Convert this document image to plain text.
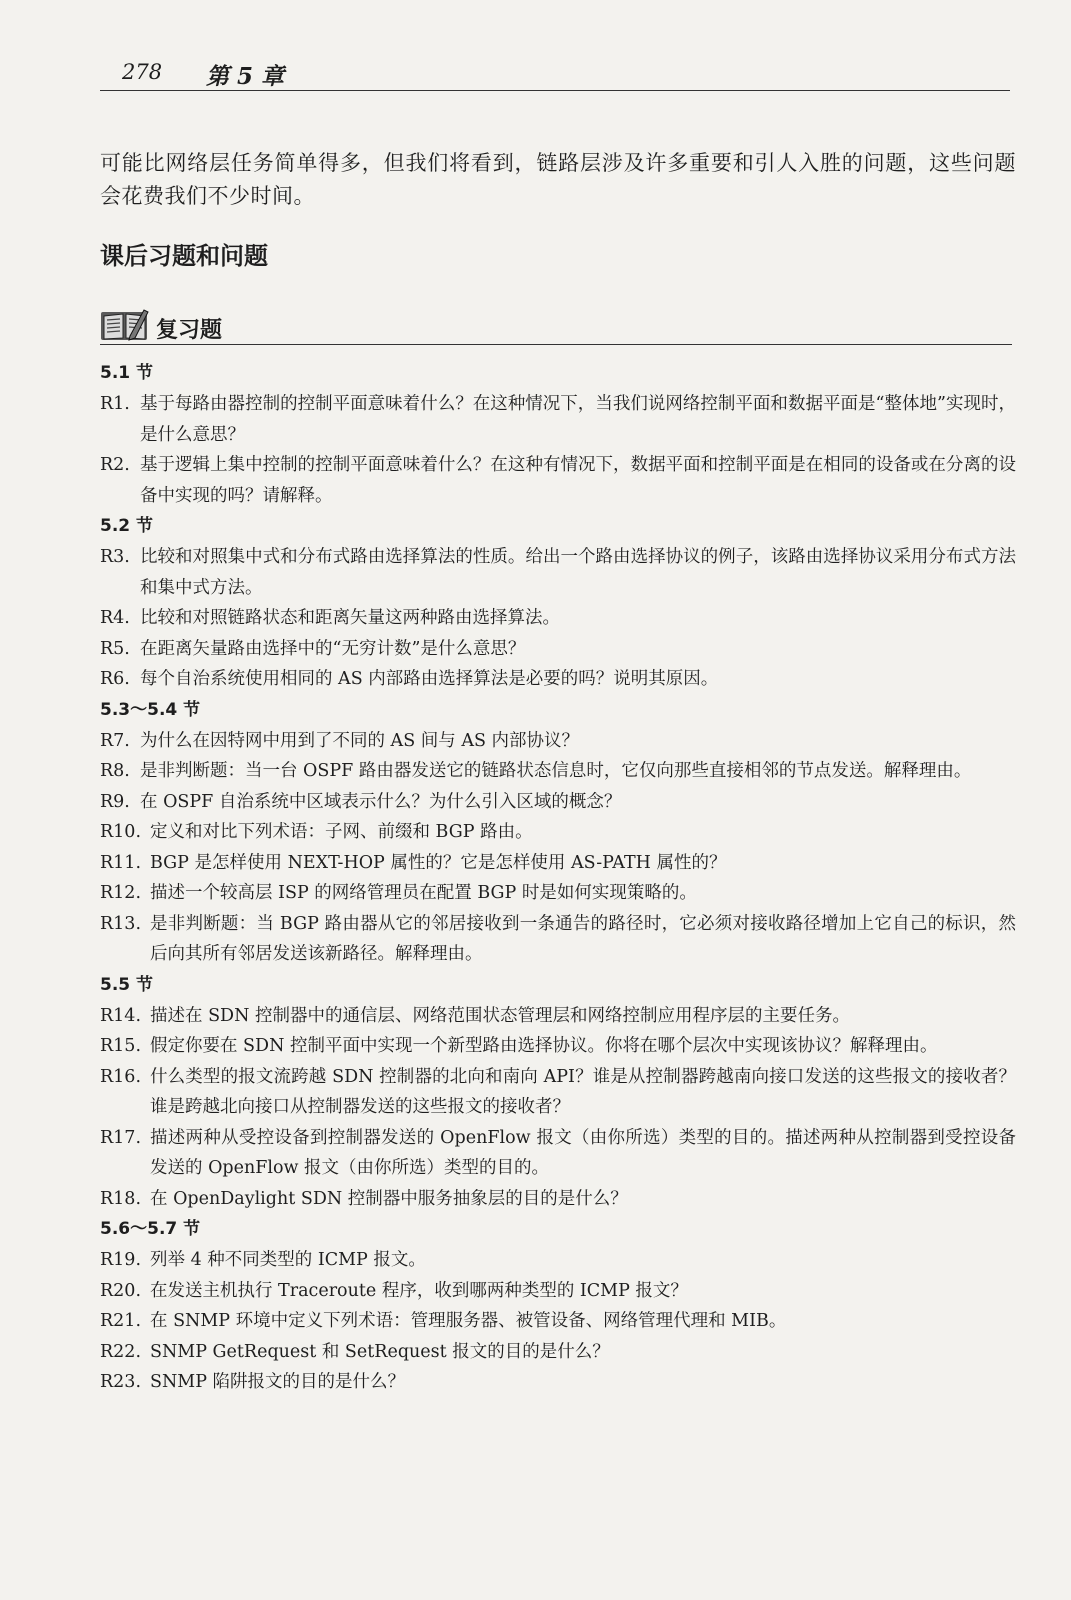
278 第 5 章
可能比网络层任务简单得多，但我们将看到，链路层涉及许多重要和引人入胜的问题，这些问题会花费我们不少时间。
课后习题和问题
复习题
5.1 节
R1. 基于每路由器控制的控制平面意味着什么？在这种情况下，当我们说网络控制平面和数据平面是“整体地”实现时，是什么意思？
R2. 基于逻辑上集中控制的控制平面意味着什么？在这种有情况下，数据平面和控制平面是在相同的设备或在分离的设备中实现的吗？请解释。
5.2 节
R3. 比较和对照集中式和分布式路由选择算法的性质。给出一个路由选择协议的例子，该路由选择协议采用分布式方法和集中式方法。
R4. 比较和对照链路状态和距离矢量这两种路由选择算法。
R5. 在距离矢量路由选择中的“无穷计数”是什么意思？
R6. 每个自治系统使用相同的 AS 内部路由选择算法是必要的吗？说明其原因。
5.3～5.4 节
R7. 为什么在因特网中用到了不同的 AS 间与 AS 内部协议？
R8. 是非判断题：当一台 OSPF 路由器发送它的链路状态信息时，它仅向那些直接相邻的节点发送。解释理由。
R9. 在 OSPF 自治系统中区域表示什么？为什么引入区域的概念？
R10. 定义和对比下列术语：子网、前缀和 BGP 路由。
R11. BGP 是怎样使用 NEXT-HOP 属性的？它是怎样使用 AS-PATH 属性的？
R12. 描述一个较高层 ISP 的网络管理员在配置 BGP 时是如何实现策略的。
R13. 是非判断题：当 BGP 路由器从它的邻居接收到一条通告的路径时，它必须对接收路径增加上它自己的标识，然后向其所有邻居发送该新路径。解释理由。
5.5 节
R14. 描述在 SDN 控制器中的通信层、网络范围状态管理层和网络控制应用程序层的主要任务。
R15. 假定你要在 SDN 控制平面中实现一个新型路由选择协议。你将在哪个层次中实现该协议？解释理由。
R16. 什么类型的报文流跨越 SDN 控制器的北向和南向 API？谁是从控制器跨越南向接口发送的这些报文的接收者？谁是跨越北向接口从控制器发送的这些报文的接收者？
R17. 描述两种从受控设备到控制器发送的 OpenFlow 报文（由你所选）类型的目的。描述两种从控制器到受控设备发送的 OpenFlow 报文（由你所选）类型的目的。
R18. 在 OpenDaylight SDN 控制器中服务抽象层的目的是什么？
5.6～5.7 节
R19. 列举 4 种不同类型的 ICMP 报文。
R20. 在发送主机执行 Traceroute 程序，收到哪两种类型的 ICMP 报文？
R21. 在 SNMP 环境中定义下列术语：管理服务器、被管设备、网络管理代理和 MIB。
R22. SNMP GetRequest 和 SetRequest 报文的目的是什么？
R23. SNMP 陷阱报文的目的是什么？
